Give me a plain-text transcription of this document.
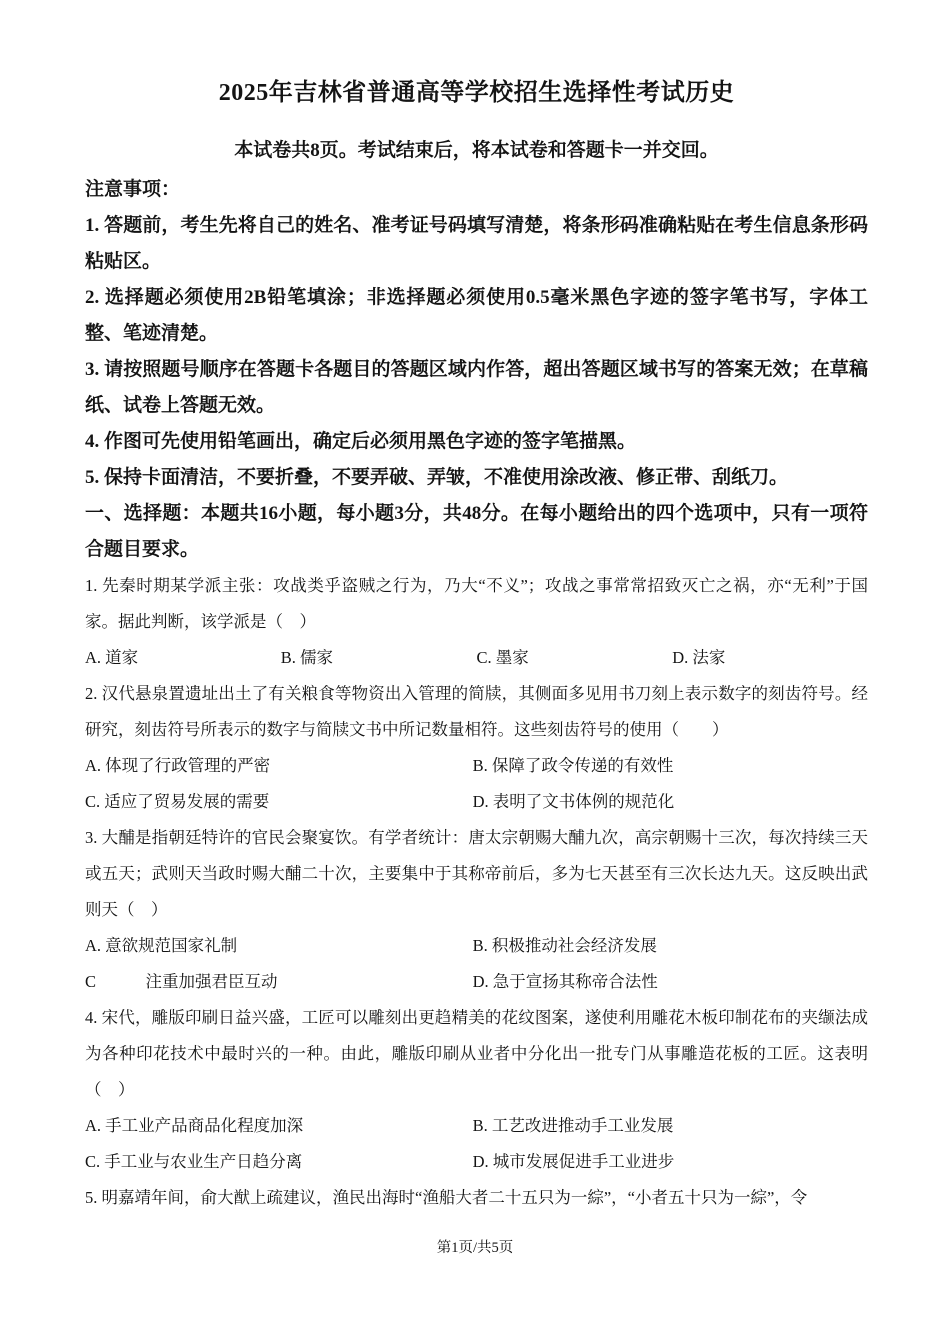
2025年吉林省普通高等学校招生选择性考试历史

本试卷共8页。考试结束后，将本试卷和答题卡一并交回。

注意事项：

1. 答题前，考生先将自己的姓名、准考证号码填写清楚，将条形码准确粘贴在考生信息条形码粘贴区。

2. 选择题必须使用2B铅笔填涂；非选择题必须使用0.5毫米黑色字迹的签字笔书写，字体工整、笔迹清楚。

3. 请按照题号顺序在答题卡各题目的答题区域内作答，超出答题区域书写的答案无效；在草稿纸、试卷上答题无效。

4. 作图可先使用铅笔画出，确定后必须用黑色字迹的签字笔描黑。

5. 保持卡面清洁，不要折叠，不要弄破、弄皱，不准使用涂改液、修正带、刮纸刀。

一、选择题：本题共16小题，每小题3分，共48分。在每小题给出的四个选项中，只有一项符合题目要求。

1. 先秦时期某学派主张：攻战类乎盗贼之行为，乃大“不义”；攻战之事常常招致灭亡之祸，亦“无利”于国家。据此判断，该学派是（　）

A. 道家	B. 儒家	C. 墨家	D. 法家

2. 汉代悬泉置遗址出土了有关粮食等物资出入管理的简牍，其侧面多见用书刀刻上表示数字的刻齿符号。经研究，刻齿符号所表示的数字与简牍文书中所记数量相符。这些刻齿符号的使用（　　）

A. 体现了行政管理的严密	B. 保障了政令传递的有效性
C. 适应了贸易发展的需要	D. 表明了文书体例的规范化

3. 大酺是指朝廷特许的官民会聚宴饮。有学者统计：唐太宗朝赐大酺九次，高宗朝赐十三次，每次持续三天或五天；武则天当政时赐大酺二十次，主要集中于其称帝前后，多为七天甚至有三次长达九天。这反映出武则天（　）

A. 意欲规范国家礼制	B. 积极推动社会经济发展
C　　　注重加强君臣互动	D. 急于宣扬其称帝合法性

4. 宋代，雕版印刷日益兴盛，工匠可以雕刻出更趋精美的花纹图案，遂使利用雕花木板印制花布的夹缬法成为各种印花技术中最时兴的一种。由此，雕版印刷从业者中分化出一批专门从事雕造花板的工匠。这表明（　）

A. 手工业产品商品化程度加深	B. 工艺改进推动手工业发展
C. 手工业与农业生产日趋分离	D. 城市发展促进手工业进步

5. 明嘉靖年间，俞大猷上疏建议，渔民出海时“渔船大者二十五只为一綜”，“小者五十只为一綜”，令

第1页/共5页
